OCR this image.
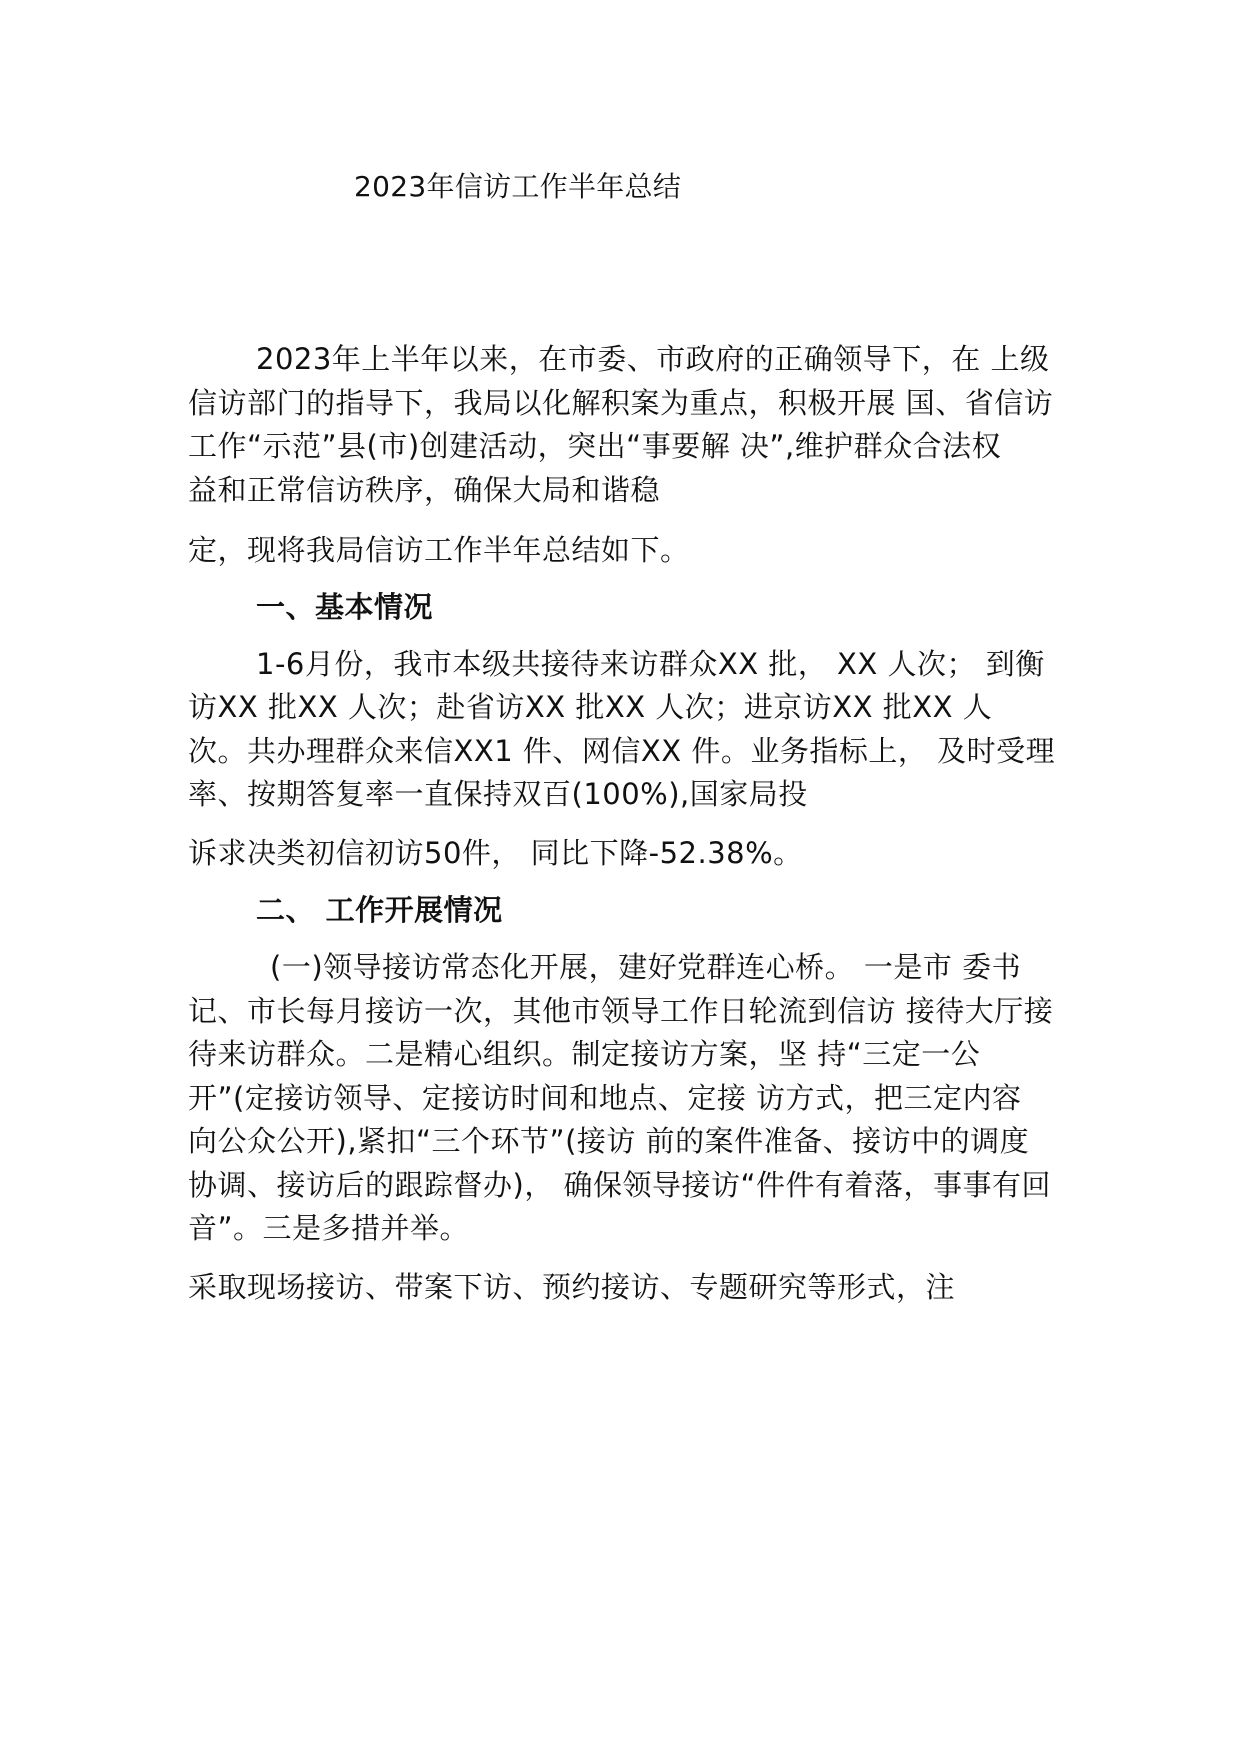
2023年信访工作半年总结
2023年上半年以来，在市委、市政府的正确领导下，在 上级
信访部门的指导下，我局以化解积案为重点，积极开展 国、省信访
工作“示范”县(市)创建活动，突出“事要解 决”,维护群众合法权
益和正常信访秩序，确保大局和谐稳
定，现将我局信访工作半年总结如下。
一、基本情况
1-6月份，我市本级共接待来访群众XX 批， XX 人次； 到衡
访XX 批XX 人次；赴省访XX 批XX 人次；进京访XX 批XX 人
次。共办理群众来信XX1 件、网信XX 件。业务指标上， 及时受理
率、按期答复率一直保持双百(100%),国家局投
诉求决类初信初访50件， 同比下降-52.38%。
二、 工作开展情况
(一)领导接访常态化开展，建好党群连心桥。 一是市 委书
记、市长每月接访一次，其他市领导工作日轮流到信访 接待大厅接
待来访群众。二是精心组织。制定接访方案，坚 持“三定一公
开”(定接访领导、定接访时间和地点、定接 访方式，把三定内容
向公众公开),紧扣“三个环节”(接访 前的案件准备、接访中的调度
协调、接访后的跟踪督办)， 确保领导接访“件件有着落，事事有回
音”。三是多措并举。
采取现场接访、带案下访、预约接访、专题研究等形式，注
